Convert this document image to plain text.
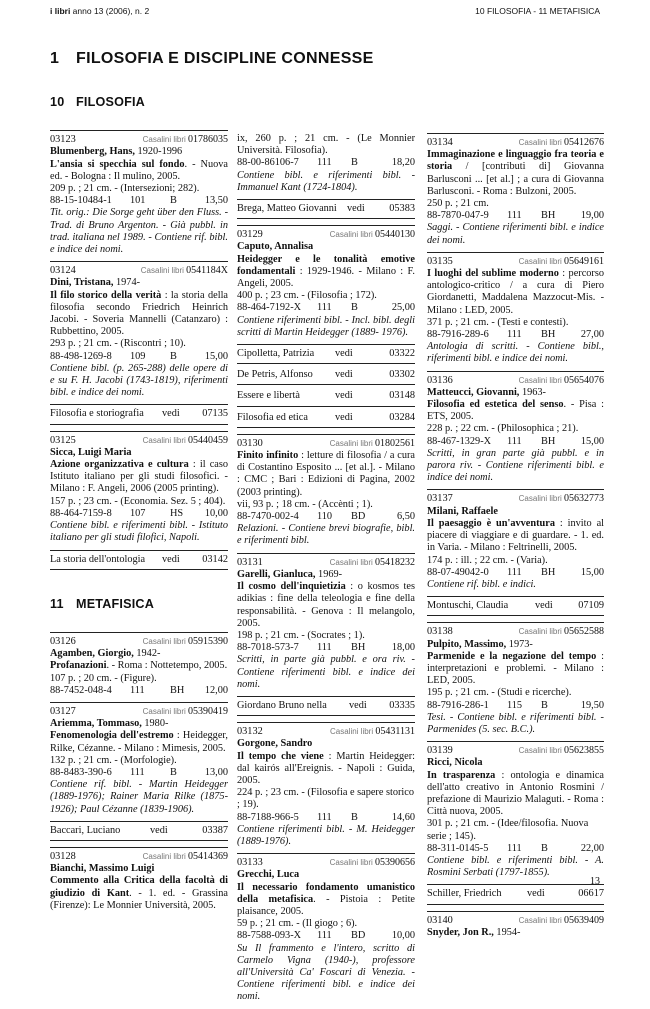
i libri anno 13 (2006), n. 2	10 FILOSOFIA - 11 METAFISICA
1 FILOSOFIA E DISCIPLINE CONNESSE
10 FILOSOFIA
03123	Casalini libri 01786035
Blumenberg, Hans, 1920-1996
L'ansia si specchia sul fondo. - Nuova ed. - Bologna : Il mulino, 2005.
209 p. ; 21 cm. - (Intersezioni; 282).
88-15-10484-1	101	B	13,50
Tit. orig.: Die Sorge geht über den Fluss. - Trad. di Bruno Argenton. - Già pubbl. in trad. italiana nel 1989. - Contiene rif. bibl. e indice dei nomi.
03124	Casalini libri 0541184X
Dini, Tristana, 1974-
Il filo storico della verità : la storia della filosofia secondo Friedrich Heinrich Jacobi. - Soveria Mannelli (Catanzaro) : Rubbettino, 2005.
293 p. ; 21 cm. - (Riscontri ; 10).
88-498-1269-8	109	B	15,00
Contiene bibl. (p. 265-288) delle opere di e su F. H. Jacobi (1743-1819), riferimenti bibl. e indice dei nomi.
Filosofia e storiografia	vedi	07135
03125	Casalini libri 05440459
Sicca, Luigi Maria
Azione organizzativa e cultura : il caso Istituto italiano per gli studi filosofici. - Milano : F. Angeli, 2006 (2005 printing).
157 p. ; 23 cm. - (Economia. Sez. 5 ; 404).
88-464-7159-8	107	HS	10,00
Contiene bibl. e riferimenti bibl. - Istituto italiano per gli studi filofici, Napoli.
La storia dell'ontologia	vedi	03142
11 METAFISICA
03126	Casalini libri 05915390
Agamben, Giorgio, 1942-
Profanazioni. - Roma : Nottetempo, 2005.
107 p. ; 20 cm. - (Figure).
88-7452-048-4	111	BH	12,00
03127	Casalini libri 05390419
Ariemma, Tommaso, 1980-
Fenomenologia dell'estremo : Heidegger, Rilke, Cézanne. - Milano : Mimesis, 2005.
132 p. ; 21 cm. - (Morfologie).
88-8483-390-6	111	B	13,00
Contiene rif. bibl. - Martin Heidegger (1889-1976); Rainer Maria Rilke (1875- 1926); Paul Cézanne (1839-1906).
Baccari, Luciano	vedi	03387
03128	Casalini libri 05414369
Bianchi, Massimo Luigi
Commento alla Critica della facoltà di giudizio di Kant. - 1. ed. - Grassina (Firenze): Le Monnier Università, 2005.
ix, 260 p. ; 21 cm. - (Le Monnier Università. Filosofia).
88-00-86106-7	111	B	18,20
Contiene bibl. e riferimenti bibl. - Immanuel Kant (1724-1804).
Brega, Matteo Giovanni vedi	05383
03129	Casalini libri 05440130
Caputo, Annalisa
Heidegger e le tonalità emotive fondamentali : 1929-1946. - Milano : F. Angeli, 2005.
400 p. ; 23 cm. - (Filosofia ; 172).
88-464-7192-X	111	B	25,00
Contiene riferimenti bibl. - Incl. bibl. degli scritti di Martin Heidegger (1889- 1976).
Cipolletta, Patrizia	vedi	03322
De Petris, Alfonso	vedi	03302
Essere e libertà	vedi	03148
Filosofia ed etica	vedi	03284
03130	Casalini libri 01802561
Finito infinito : letture di filosofia / a cura di Costantino Esposito ... [et al.]. - Milano : CMC ; Bari : Edizioni di Pagina, 2002 (2003 printing).
vii, 93 p. ; 18 cm. - (Accènti ; 1).
88-7470-002-4	110	BD	6,50
Relazioni. - Contiene brevi biografie, bibl. e riferimenti bibl.
03131	Casalini libri 05418232
Garelli, Gianluca, 1969-
Il cosmo dell'inquietizia : o kosmos tes adikias : fine della teleologia e fine della responsabilità. - Genova : Il melangolo, 2005.
198 p. ; 21 cm. - (Socrates ; 1).
88-7018-573-7	111	BH	18,00
Scritti, in parte già pubbl. e ora riv. - Contiene riferimenti bibl. e indice dei nomi.
Giordano Bruno nella	vedi	03335
03132	Casalini libri 05431131
Gorgone, Sandro
Il tempo che viene : Martin Heidegger: dal kairós all'Ereignis. - Napoli : Guida, 2005.
224 p. ; 23 cm. - (Filosofia e sapere storico ; 19).
88-7188-966-5	111	B	14,60
Contiene riferimenti bibl. - M. Heidegger (1889-1976).
03133	Casalini libri 05390656
Grecchi, Luca
Il necessario fondamento umanistico della metafisica. - Pistoia : Petite plaisance, 2005.
59 p. ; 21 cm. - (Il giogo ; 6).
88-7588-093-X	111	BD	10,00
Su Il frammento e l'intero, scritto di Carmelo Vigna (1940-), professore all'Università Ca' Foscari di Venezia. - Contiene riferimenti bibl. e indice dei nomi.
03134	Casalini libri 05412676
Immaginazione e linguaggio fra teoria e storia / [contributi di] Giovanna Barlusconi ... [et al.] ; a cura di Giovanna Barlusconi. - Roma : Bulzoni, 2005.
250 p. ; 21 cm.
88-7870-047-9	111	BH	19,00
Saggi. - Contiene riferimenti bibl. e indice dei nomi.
03135	Casalini libri 05649161
I luoghi del sublime moderno : percorso antologico-critico / a cura di Piero Giordanetti, Maddalena Mazzocut-Mis. - Milano : LED, 2005.
371 p. ; 21 cm. - (Testi e contesti).
88-7916-289-6	111	BH	27,00
Antologia di scritti. - Contiene bibl., riferimenti bibl. e indice dei nomi.
03136	Casalini libri 05654076
Matteucci, Giovanni, 1963-
Filosofia ed estetica del senso. - Pisa : ETS, 2005.
228 p. ; 22 cm. - (Philosophica ; 21).
88-467-1329-X	111	BH	15,00
Scritti, in gran parte già pubbl. e in parora riv. - Contiene riferimenti bibl. e indice dei nomi.
03137	Casalini libri 05632773
Milani, Raffaele
Il paesaggio è un'avventura : invito al piacere di viaggiare e di guardare. - 1. ed. in Varia. - Milano : Feltrinelli, 2005.
174 p. : ill. ; 22 cm. - (Varia).
88-07-49042-0	111	BH	15,00
Contiene rif. bibl. e indici.
Montuschi, Claudia	vedi	07109
03138	Casalini libri 05652588
Pulpito, Massimo, 1973-
Parmenide e la negazione del tempo : interpretazioni e problemi. - Milano : LED, 2005.
195 p. ; 21 cm. - (Studi e ricerche).
88-7916-286-1	115	B	19,50
Tesi. - Contiene bibl. e riferimenti bibl. - Parmenides (5. sec. B.C.).
03139	Casalini libri 05623855
Ricci, Nicola
In trasparenza : ontologia e dinamica dell'atto creativo in Antonio Rosmini / prefazione di Maurizio Malaguti. - Roma : Città nuova, 2005.
301 p. ; 21 cm. - (Idee/filosofia. Nuova serie ; 145).
88-311-0145-5	111	B	22,00
Contiene bibl. e riferimenti bibl. - A. Rosmini Serbati (1797-1855).
Schiller, Friedrich	vedi	06617
03140	Casalini libri 05639409
Snyder, Jon R., 1954-
13
